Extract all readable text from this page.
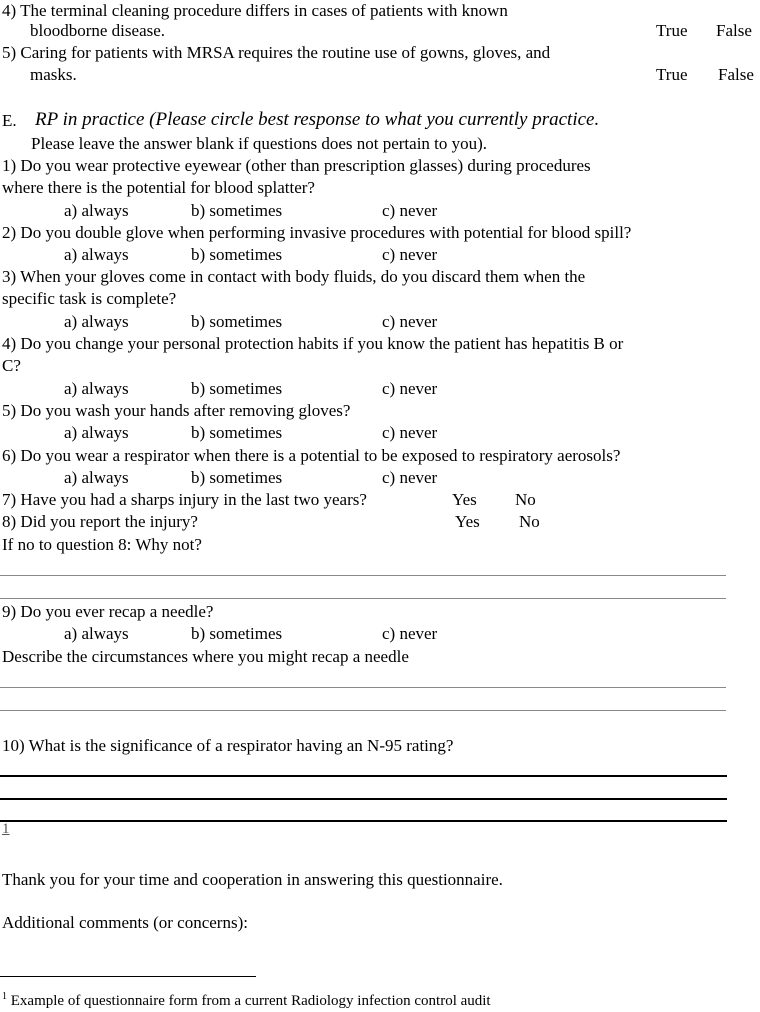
4) The terminal cleaning procedure differs in cases of patients with known
bloodborne disease.	True False
5) Caring for patients with MRSA requires the routine use of gowns, gloves, and
masks.	True False
E. RP in practice (Please circle best response to what you currently practice.
Please leave the answer blank if questions does not pertain to you).
1) Do you wear protective eyewear (other than prescription glasses) during procedures
where there is the potential for blood splatter?
a) always	b) sometimes	c) never
2) Do you double glove when performing invasive procedures with potential for blood spill?
a) always	b) sometimes	c) never
3) When your gloves come in contact with body fluids, do you discard them when the
specific task is complete?
a) always	b) sometimes	c) never
4) Do you change your personal protection habits if you know the patient has hepatitis B or
C?
a) always	b) sometimes	c) never
5) Do you wash your hands after removing gloves?
a) always	b) sometimes	c) never
6) Do you wear a respirator when there is a potential to be exposed to respiratory aerosols?
a) always	b) sometimes	c) never
7) Have you had a sharps injury in the last two years?	Yes No
8) Did you report the injury?	Yes No
If no to question 8: Why not?
9) Do you ever recap a needle?
a) always	b) sometimes	c) never
Describe the circumstances where you might recap a needle
10) What is the significance of a respirator having an N-95 rating?
1
Thank you for your time and cooperation in answering this questionnaire.
Additional comments (or concerns):
$^1$ Example of questionnaire form from a current Radiology infection control audit
